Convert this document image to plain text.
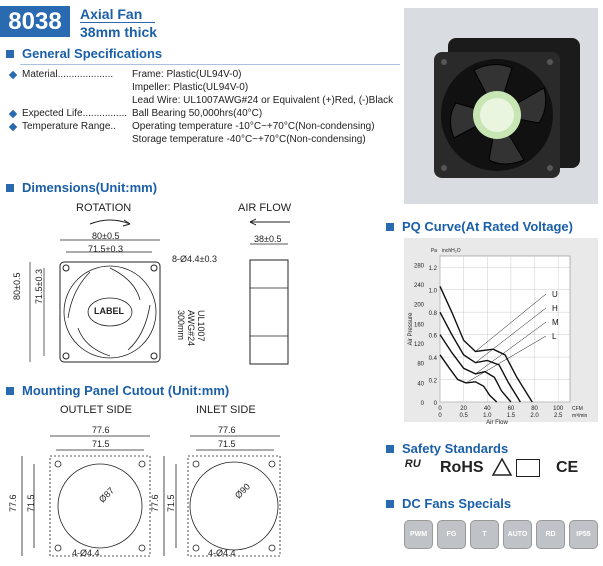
8038	Axial Fan
38mm thick
General Specifications
Material.................... Frame: Plastic(UL94V-0)
Impeller: Plastic(UL94V-0)
Lead Wire: UL1007AWG#24 or Equivalent (+)Red, (-)Black
Expected Life................ Ball Bearing 50,000hrs(40°C)
Temperature Range.. Operating temperature -10°C~+70°C(Non-condensing)
Storage temperature -40°C~+70°C(Non-condensing)
Dimensions(Unit:mm)
ROTATION	AIR FLOW
80±0.5
71.5±0.3
8-Ø4.4±0.3
80±0.5 71.5±0.3
LABEL
38±0.5
UL1007
AWG#24
300mm
Mounting Panel Cutout (Unit:mm)
OUTLET SIDE	INLET SIDE
77.6
71.5
77.6 71.5	Ø87
4-Ø4.4
77.6
71.5
77.6 71.5
Ø90
4-Ø4.4
PQ Curve(At Rated Voltage)
0
0.2
0.4
0.6
0.8
1.0
1.2
0
40
80
120
160
200
240
280
0	20	40	60	80	100
0	0.5	1.0	1.5	2.0	2.5
Pa inchH₂O
CFM
m³/min
Air Pressure
Air Flow
U
H
M
L
Safety Standards
ᴿᵁ RoHS	CE
DC Fans Specials
PWM	FG	T	AUTO	RD	IP55
